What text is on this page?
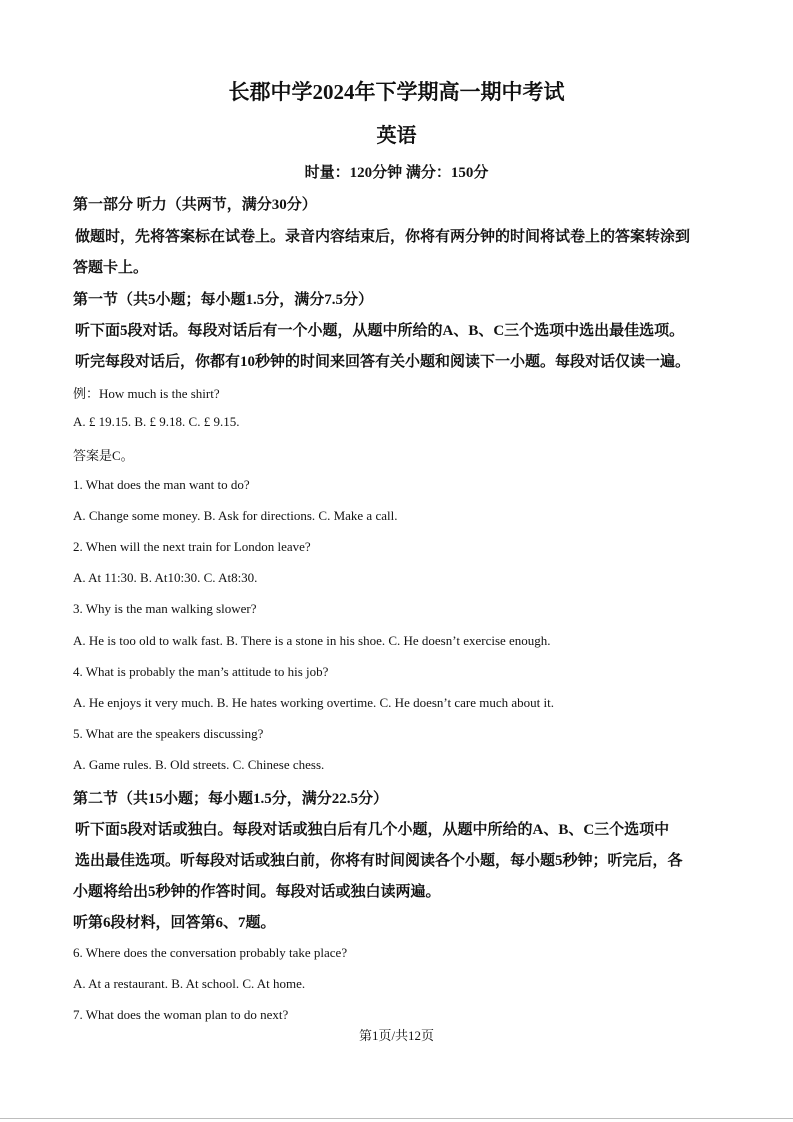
长郡中学2024年下学期高一期中考试
英语
时量：120分钟 满分：150分
第一部分 听力（共两节，满分30分）
做题时，先将答案标在试卷上。录音内容结束后，你将有两分钟的时间将试卷上的答案转涂到
答题卡上。
第一节（共5小题；每小题1.5分，满分7.5分）
听下面5段对话。每段对话后有一个小题，从题中所给的A、B、C三个选项中选出最佳选项。
听完每段对话后，你都有10秒钟的时间来回答有关小题和阅读下一小题。每段对话仅读一遍。
例：How much is the shirt?
A. £ 19.15. B. £ 9.18. C. £ 9.15.
答案是C。
1. What does the man want to do?
A. Change some money. B. Ask for directions. C. Make a call.
2. When will the next train for London leave?
A. At 11:30. B. At10:30. C. At8:30.
3. Why is the man walking slower?
A. He is too old to walk fast. B. There is a stone in his shoe. C. He doesn’t exercise enough.
4. What is probably the man’s attitude to his job?
A. He enjoys it very much. B. He hates working overtime. C. He doesn’t care much about it.
5. What are the speakers discussing?
A. Game rules. B. Old streets. C. Chinese chess.
第二节（共15小题；每小题1.5分，满分22.5分）
听下面5段对话或独白。每段对话或独白后有几个小题，从题中所给的A、B、C三个选项中
选出最佳选项。听每段对话或独白前，你将有时间阅读各个小题，每小题5秒钟；听完后，各
小题将给出5秒钟的作答时间。每段对话或独白读两遍。
听第6段材料，回答第6、7题。
6. Where does the conversation probably take place?
A. At a restaurant. B. At school. C. At home.
7. What does the woman plan to do next?
第1页/共12页
